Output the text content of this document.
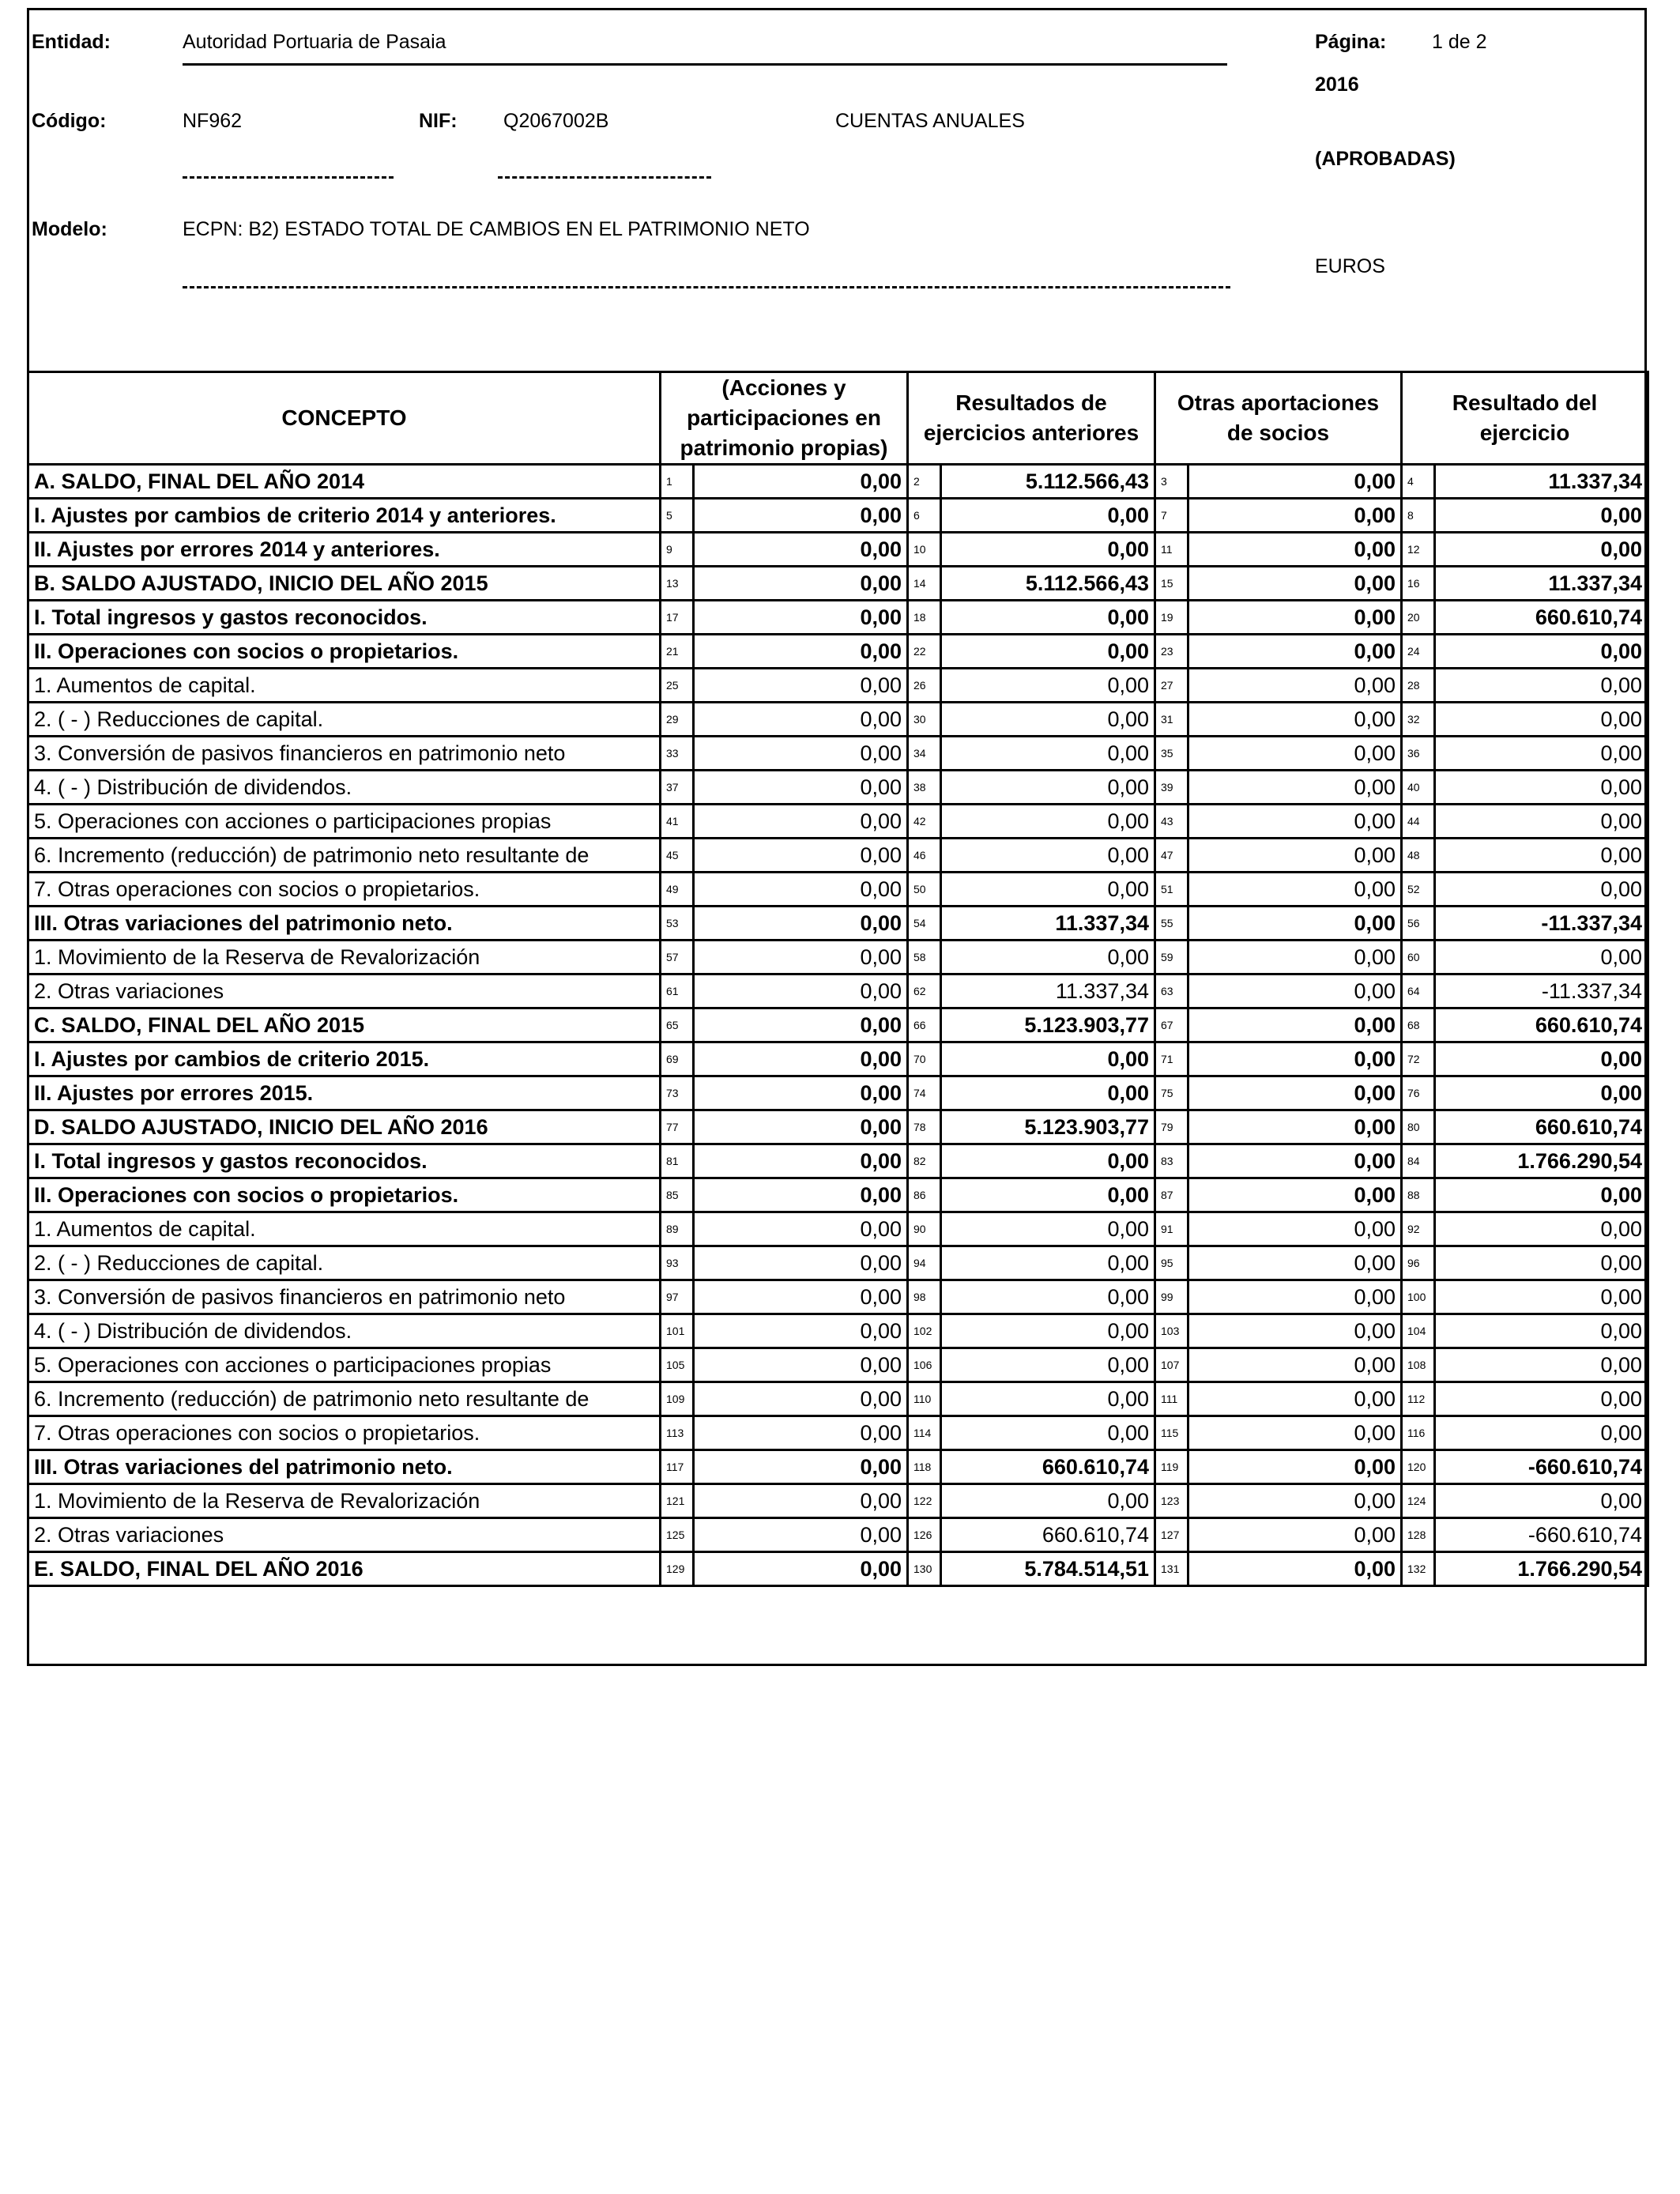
Entidad:	Autoridad Portuaria de Pasaia	Página: 1 de 2
2016
Código:	NF962	NIF: Q2067002B	CUENTAS ANUALES
(APROBADAS)
Modelo:	ECPN: B2) ESTADO TOTAL DE CAMBIOS EN EL PATRIMONIO NETO
EUROS
CONCEPTO	(Acciones y participaciones en patrimonio propias)		Resultados de ejercicios anteriores		Otras aportaciones de socios		Resultado del ejercicio	
A. SALDO, FINAL DEL AÑO 2014	1	0,00	2	5.112.566,43	3	0,00	4	11.337,34
I. Ajustes por cambios de criterio 2014 y anteriores.	5	0,00	6	0,00	7	0,00	8	0,00
II. Ajustes por errores 2014 y anteriores.	9	0,00	10	0,00	11	0,00	12	0,00
B. SALDO AJUSTADO, INICIO DEL AÑO 2015	13	0,00	14	5.112.566,43	15	0,00	16	11.337,34
I. Total ingresos y gastos reconocidos.	17	0,00	18	0,00	19	0,00	20	660.610,74
II. Operaciones con socios o propietarios.	21	0,00	22	0,00	23	0,00	24	0,00
1. Aumentos de capital.	25	0,00	26	0,00	27	0,00	28	0,00
2. ( - ) Reducciones de capital.	29	0,00	30	0,00	31	0,00	32	0,00
3. Conversión de pasivos financieros en patrimonio neto	33	0,00	34	0,00	35	0,00	36	0,00
4. ( - ) Distribución de dividendos.	37	0,00	38	0,00	39	0,00	40	0,00
5. Operaciones con acciones o participaciones propias	41	0,00	42	0,00	43	0,00	44	0,00
6. Incremento (reducción) de patrimonio neto resultante de	45	0,00	46	0,00	47	0,00	48	0,00
7. Otras operaciones con socios o propietarios.	49	0,00	50	0,00	51	0,00	52	0,00
III. Otras variaciones del patrimonio neto.	53	0,00	54	11.337,34	55	0,00	56	-11.337,34
1. Movimiento de la Reserva de Revalorización	57	0,00	58	0,00	59	0,00	60	0,00
2. Otras variaciones	61	0,00	62	11.337,34	63	0,00	64	-11.337,34
C. SALDO, FINAL DEL AÑO 2015	65	0,00	66	5.123.903,77	67	0,00	68	660.610,74
I. Ajustes por cambios de criterio 2015.	69	0,00	70	0,00	71	0,00	72	0,00
II. Ajustes por errores 2015.	73	0,00	74	0,00	75	0,00	76	0,00
D. SALDO AJUSTADO, INICIO DEL AÑO 2016	77	0,00	78	5.123.903,77	79	0,00	80	660.610,74
I. Total ingresos y gastos reconocidos.	81	0,00	82	0,00	83	0,00	84	1.766.290,54
II. Operaciones con socios o propietarios.	85	0,00	86	0,00	87	0,00	88	0,00
1. Aumentos de capital.	89	0,00	90	0,00	91	0,00	92	0,00
2. ( - ) Reducciones de capital.	93	0,00	94	0,00	95	0,00	96	0,00
3. Conversión de pasivos financieros en patrimonio neto	97	0,00	98	0,00	99	0,00	100	0,00
4. ( - ) Distribución de dividendos.	101	0,00	102	0,00	103	0,00	104	0,00
5. Operaciones con acciones o participaciones propias	105	0,00	106	0,00	107	0,00	108	0,00
6. Incremento (reducción) de patrimonio neto resultante de	109	0,00	110	0,00	111	0,00	112	0,00
7. Otras operaciones con socios o propietarios.	113	0,00	114	0,00	115	0,00	116	0,00
III. Otras variaciones del patrimonio neto.	117	0,00	118	660.610,74	119	0,00	120	-660.610,74
1. Movimiento de la Reserva de Revalorización	121	0,00	122	0,00	123	0,00	124	0,00
2. Otras variaciones	125	0,00	126	660.610,74	127	0,00	128	-660.610,74
E. SALDO, FINAL DEL AÑO 2016	129	0,00	130	5.784.514,51	131	0,00	132	1.766.290,54
